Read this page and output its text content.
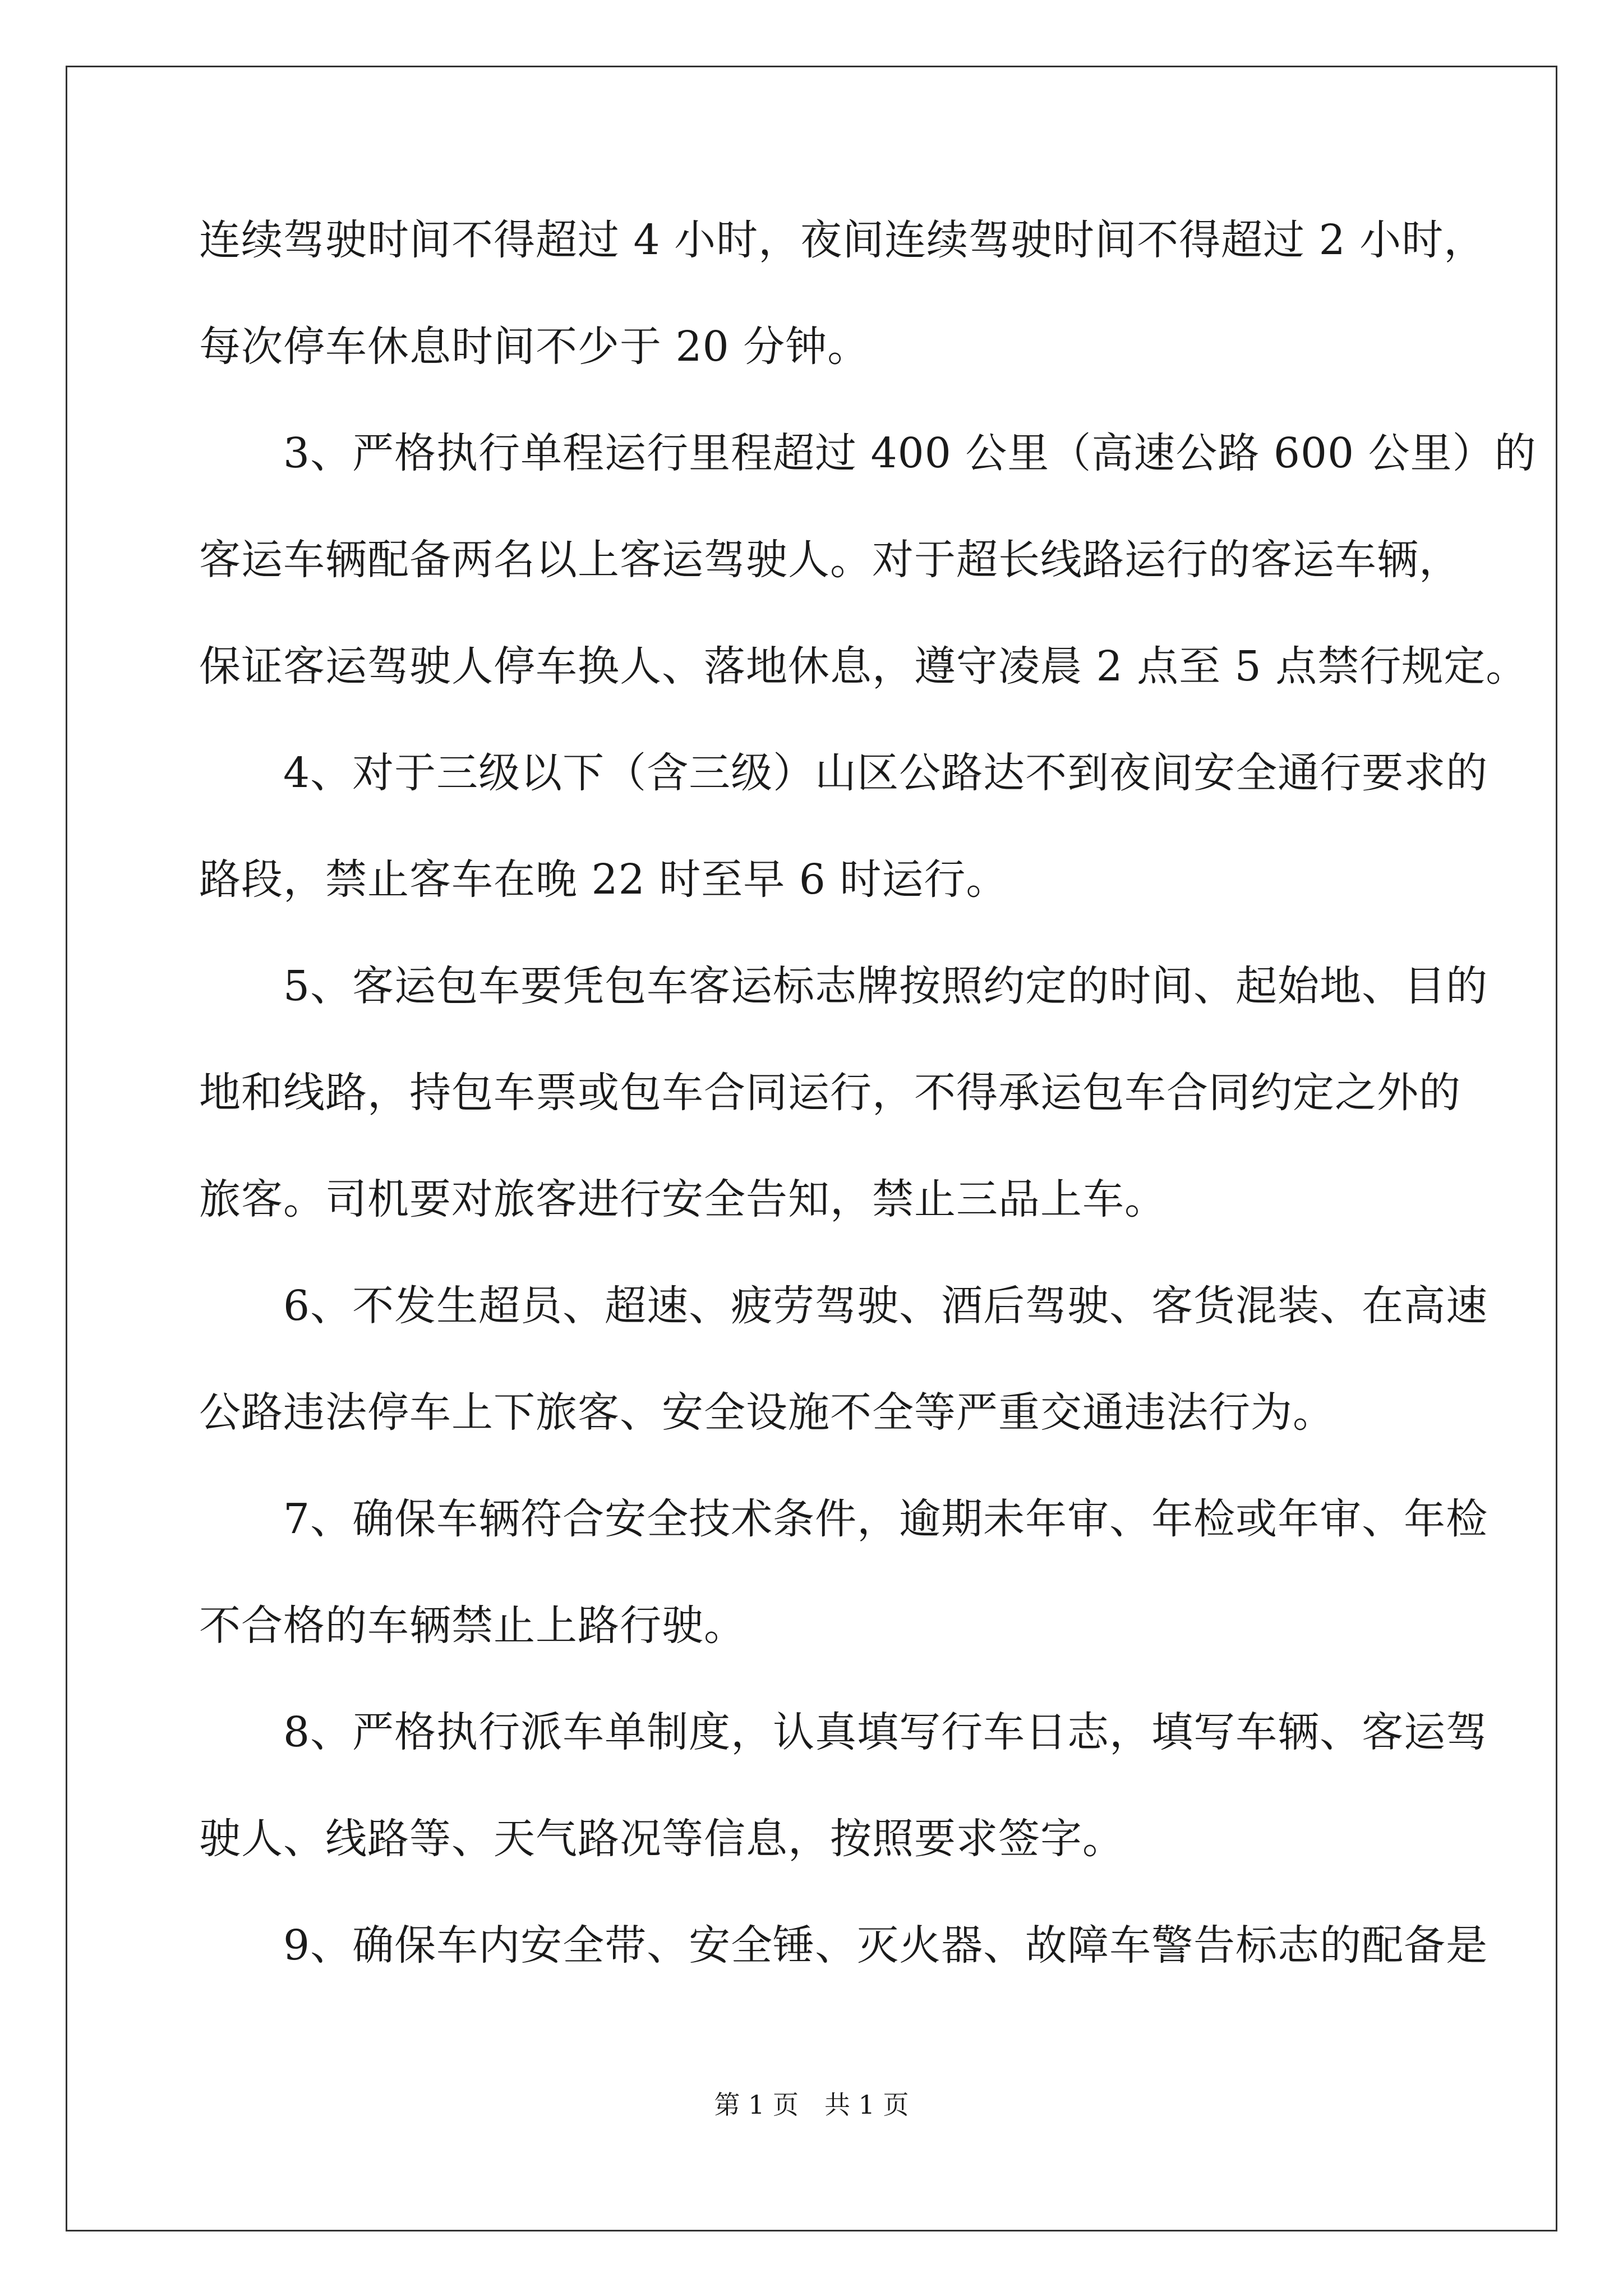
连续驾驶时间不得超过 4 小时，夜间连续驾驶时间不得超过 2 小时，
每次停车休息时间不少于 20 分钟。
　　3、严格执行单程运行里程超过 400 公里（高速公路 600 公里）的
客运车辆配备两名以上客运驾驶人。对于超长线路运行的客运车辆，
保证客运驾驶人停车换人、落地休息，遵守凌晨 2 点至 5 点禁行规定。
　　4、对于三级以下（含三级）山区公路达不到夜间安全通行要求的
路段，禁止客车在晚 22 时至早 6 时运行。
　　5、客运包车要凭包车客运标志牌按照约定的时间、起始地、目的
地和线路，持包车票或包车合同运行，不得承运包车合同约定之外的
旅客。司机要对旅客进行安全告知，禁止三品上车。
　　6、不发生超员、超速、疲劳驾驶、酒后驾驶、客货混装、在高速
公路违法停车上下旅客、安全设施不全等严重交通违法行为。
　　7、确保车辆符合安全技术条件，逾期未年审、年检或年审、年检
不合格的车辆禁止上路行驶。
　　8、严格执行派车单制度，认真填写行车日志，填写车辆、客运驾
驶人、线路等、天气路况等信息，按照要求签字。
　　9、确保车内安全带、安全锤、灭火器、故障车警告标志的配备是
第 1 页　共 1 页
